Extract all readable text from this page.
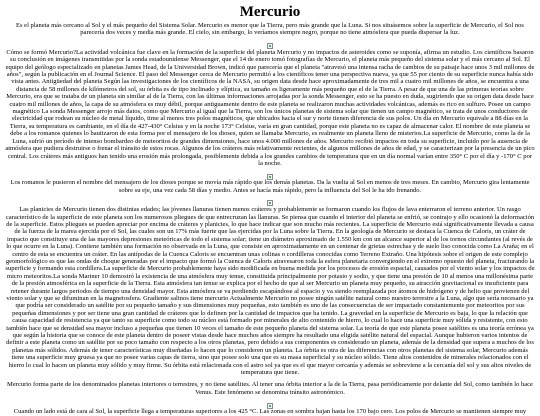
Mercurio

Es el planeta más cercano al Sol y el más pequeño del Sistema Solar. Mercurio es menor que la Tierra, pero más grande que la Luna. Si nos situásemos sobre la superficie de Mercurio, el Sol nos parecería dos veces y media más grande. El cielo, sin embargo, lo veríamos siempre negro, porque no tiene atmósfera que pueda dispersar la luz.

Cómo se formó Mercurio?La actividad volcánica fue clave en la formación de la superficie del planeta Mercurio y no impactos de asteroides como se suponía, afirma un estudio. Los científicos basaron su conclusión en imágenes transmitidas por la sonda estadounidense Messenger, que el 14 de enero tomó fotografías de Mercurio, el planeta más pequeño del sistema solar y el más cercano al Sol. El equipo del geólogo especializado en planetas James Head, de la Universidad Brown, indicó que parecería que el planeta "atravesó una intensa racha de cambios de su paisaje hace unos 3 mil millones de años", según la publicación en el Journal Science. El paso del Messenger cerca de Mercurio permitió a los científicos tener una perspectiva nueva, ya que 55 por ciento de su superficie nunca había sido vista antes. Antigüedad del planeta Según las investigaciones de los científicos de la NASA, su origen data desde hace aproximadamente de tres mil a cuatro mil millones de años, se encuentra a una distancia de 58 millones de kilómetros del sol, su órbita es de tipo inclinado y elíptica, su tamaño es ligeramente más pequeño que el de la Tierra. A pesar de que una de las primeras teorías sobre Mercurio, era que se trataba de un planeta sin similar al de la Tierra, con las últimas informaciones arrojadas por la sonda Messenger, esto se ha puesto en duda, sugiriendo que su origen data desde hace cuatro mil millones de años, la capa de su atmósfera es muy débil, porque antiguamente dentro de este planeta se realizaron muchas actividades volcánicas, además es rico en sulfuro. Posee un campo magnético La sonda Messenger arrojo más datos, como que Mercurio al igual que la Tierra, son los únicos planetas de sistema solar que tienen un campo magnético, se trata de unos conductores de electricidad que rodean su núcleo de metal líquido, time al menos tres polos magnéticos, que ubicados hacia el sur y norte tienen diferencia de sus polos. Un día en Mercurio equivale a 88 días en la Tierra, su temperatura es cambiante, en el día de 427-430° Celsius y en la noche 173° Celsius, varía en gran cantidad, porque este planeta no es capaz de almacenar calor. El nombre de este planeta se debe a los romanos quienes lo bautizaron de esta forma por el mensajero de los dioses, quien se llamaba Mercurio, es realmente un planeta lleno de misterios.La superficie de Mercurio, como la de la Luna, sufrió un período de intenso bombardeo de meteoritos de grandes dimensiones, hace unos 4.000 millones de años. Mercurio recibió impactos en toda su superficie, incluido por la ausencia de atmósfera que pudiera destruirse o frenar el tránsito de estos rocas. Algunos de los cráteres más relativamente recientes, de algunos millones de años de edad, y se caracterizan por la presencia de un pico central. Los cráteres más antiguos han tenido una erosión más prolongada, posiblemente debida a los grandes cambios de temperatura que en un día normal varían entre 350° C por el día y -170° C por la noche.

Los romanos le pusieron el nombre del mensajero de los dioses porque se movía más rápido que los demás planetas. Da la vuelta al Sol en menos de tres meses. En cambio, Mercurio gira lentamente sobre su eje, una vez cada 58 días y medio. Antes se hacía más rápido, pero la influencia del Sol le ha ido frenando.

Las planicies de Mercurio tienen dos distintas edades; las jóvenes llanuras tienen menos cráteres y probablemente se formaron cuando los flujos de lava enterraron el terreno anterior. Un rasgo característico de la superficie de este planeta son los numerosos pliegues de que entrecruzan las llanuras. Se piensa que cuando el interior del planeta se enfrió, se contrajo y ello ocasionó la deformación de la superficie. Estos pliegues se pueden apreciar por encima de cráteres y planicies, lo que hace indicar que son mucho más recientes. La superficie de Mercurio está significativamente llevada a causa de la fuerza de la marea ejercida por el Sol, las cuales son un 17% más fuerte que las ejercidas por la Luna sobre la Tierra. En la geología de Mercurio se destaca la Cuenca de Caloris, un cráter de impacto que constituye una de las mayores depresiones meteóricas de todo el sistema solar; tiene un diámetro aproximado de 1.550 km con un alcance superior al de los tornos circundantes (al revés de lo que ocurre en la Luna). Contiene también una formación no observada en la Luna, que consiste en aproximadamente en un centenar de grietas estrechas y de suelo liso conocida como La Araña; en el centro de esta se encuentra un cráter. En las antípodas de la Cuenca Caloris se encuentran unas colinas o cordilleras conocidas como Terreno Extraño. Una hipótesis sobre el origen de este complejo geomorfológico es que las ondas de choque generadas por el impacto que formó la Cuenca de Caloris atravesaron toda la esfera planetaria convergiendo en el extremo opuesto del planeta, fracturando la superficie y formando esta cordillera.La superficie de Mercurio probablemente haya sido modificada en buena medida por los procesos de erosión espacial, causados por el viento solar y los impactos de micro meteoritos.La sonda Mariner 10 demostró la existencia de una atmósfera muy tenue, constituida principalmente por potasio y sodio, y que tiene una presión de 10 al menos una millonésima parte de la presión atmosférica en la superficie de la Tierra. Esta atmósfera tan tenue se explica por el hecho de que al ser Mercurio un planeta muy pequeño, su atracción gravitacional es insuficiente para retener durante largos periodos de tiempo una densidad mayor. Esta atmósfera se va perdiendo escapándose al espacio y va siendo reemplazada por átomos de hidrógeno y de helio que provienen del viento solar y que se difuminan en la magnetosfera. Gradiente salinos tiene mercurio Actualmente Mercurio no posee ningún satélite natural como nuestro terrestre a la Luna, algo que sería necesario ya que podría ser considerado un satélite por su pequeño tamaño y sus dimensiones muy pequeñas, esto también es uno de las consecuencias de ser impactado constantemente por meteoritos por sus pequeñas dimensiones y por ser tiene una gran cantidad de cráteres que lo definen por la cantidad de impactos que ha tenido. La gravedad en la superficie de Mercurio es baja, lo que la relación que causa capacidad de resistencia ya que tanto su superficie como todo su núcleo está formado por minerales de alto contenido de hierro, lo cual lo hace una superficie muy sólida y resistente, con esto también hace que se densidad sea mayor incluso a pequeñas que tienen 10 veces el tamaño de este pequeño planeta del sistema solar. La teoría de que este planeta posee satélites es una teoría errónea ya que según la historia que se conoce de este planeta dentro de poseer vistas desde hace muchos años siempre ha resultado una eligida satélite natural del espacial. Aunque hubieron varios intentos de definir a este planeta como un satélite por su poco tamaño con respecto a los otros planetas, pero debido a sus componentes es considerado un planeta, además de la densidad que supera a muchos de los planetas más sólidos. Además de tener características muy diseñadas lo hacen que lo consideren un planeta. La órbita es otra de las diferencias con otros planetas del sistema solar, Mercurio además tiene una superficie muy gruesa ya que no posee varias capas de tierra, sino que posee solo una que es su masa superficial y su núcleo sólido. Tiene altos contenidos de minerales relacionados con el hierro lo cual lo hacen un planeta muy sólido y muy firme. Su órbita está relacionada con el astro sol ya que es el que mayor cercanía y además se sobreviene a la cercanía del sol y sus altos niveles de temperatura que tiene.

Mercurio forma parte de los denominados planetas interiores o terrestres, y no tiene satélites. Al tener una órbita interior a la de la Tierra, pasa periódicamente por delante del Sol, como también lo hace Venus. Este fenómeno se denomina tránsito astronómico.

Cuando un lado está de cara al Sol, la superficie llega a temperaturas superiores a los 425 °C. Las zonas en sombra bajan hasta los 170 bajo cero. Los polos de Mercurio se mantienen siempre muy
